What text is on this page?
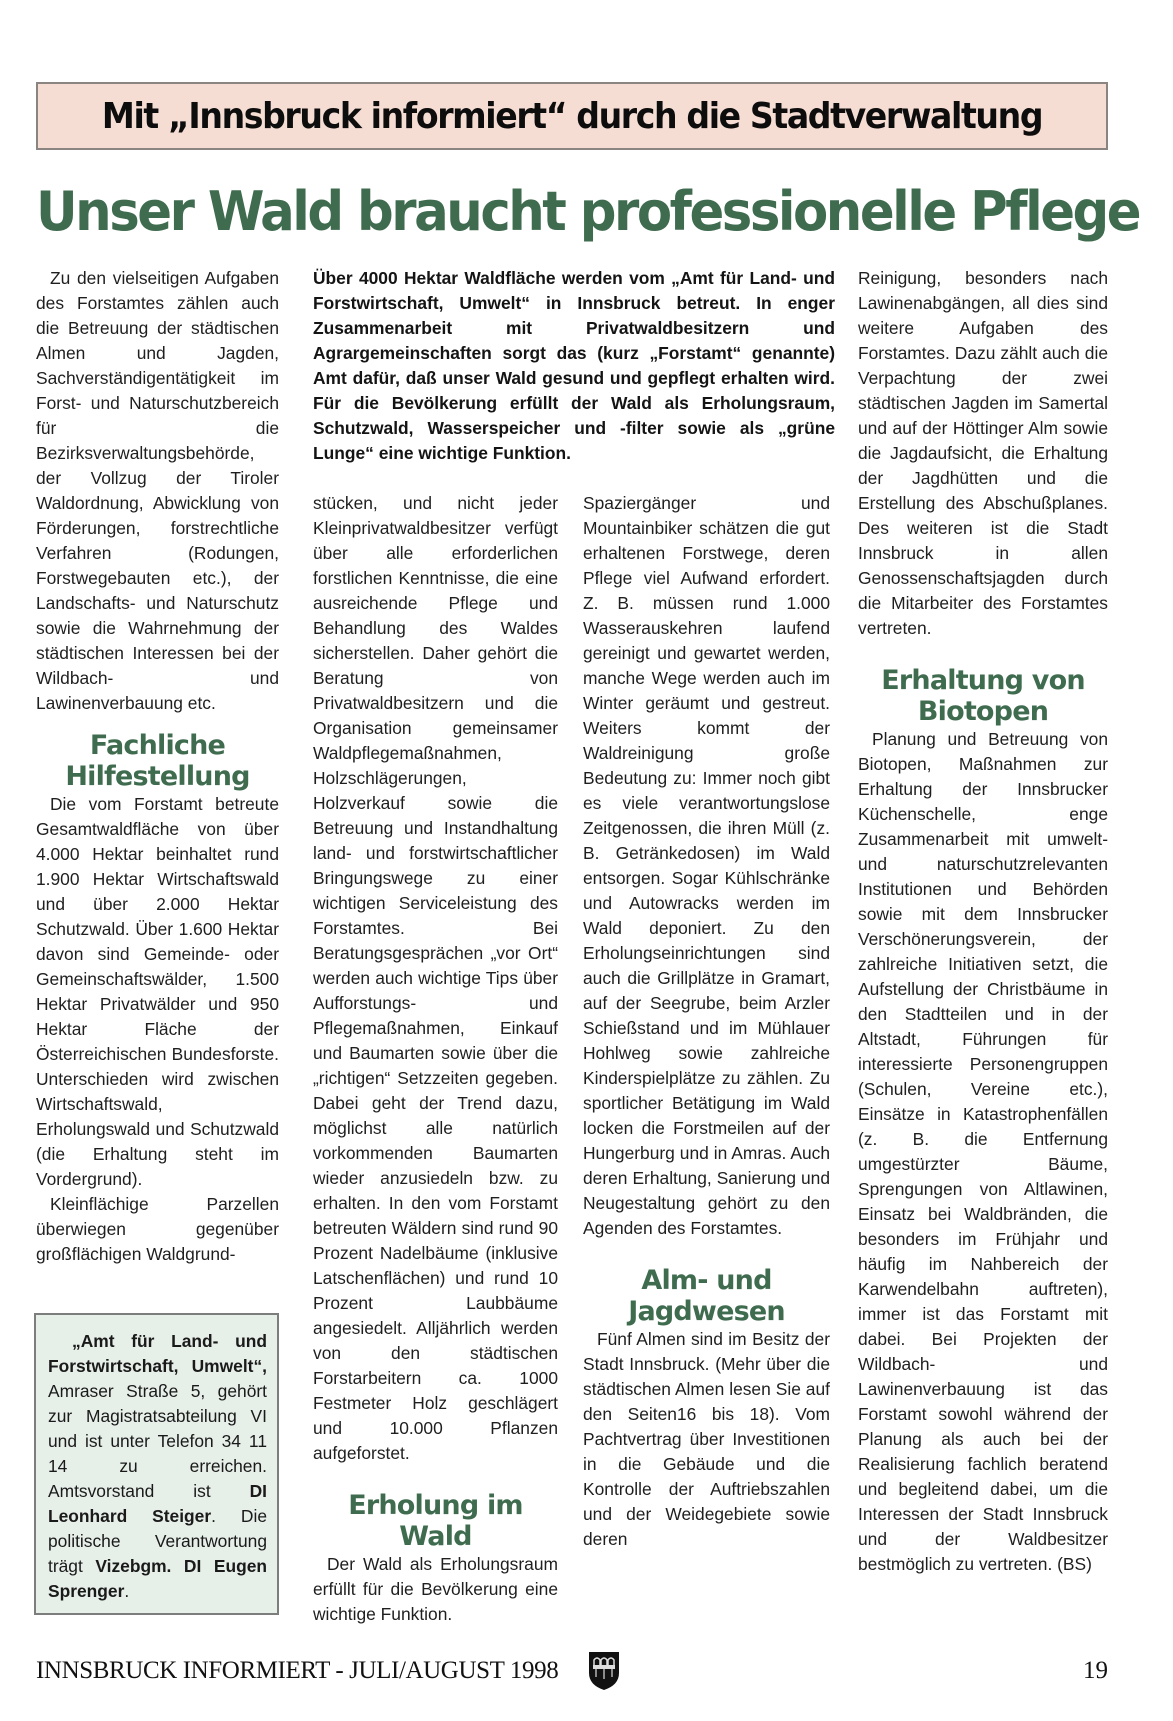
Mit „Innsbruck informiert“ durch die Stadtverwaltung
Unser Wald braucht professionelle Pflege

Zu den vielseitigen Aufgaben des Forstamtes zählen auch die Betreuung der städtischen Almen und Jagden, Sachverständigentätigkeit im Forst- und Naturschutzbereich für die Bezirksverwaltungsbehörde, der Vollzug der Tiroler Waldordnung, Abwicklung von Förderungen, forstrechtliche Verfahren (Rodungen, Forstwegebauten etc.), der Landschafts- und Naturschutz sowie die Wahrnehmung der städtischen Interessen bei der Wildbach- und Lawinenverbauung etc.

Fachliche Hilfestellung

Die vom Forstamt betreute Gesamtwaldfläche von über 4.000 Hektar beinhaltet rund 1.900 Hektar Wirtschaftswald und über 2.000 Hektar Schutzwald. Über 1.600 Hektar davon sind Gemeinde- oder Gemeinschaftswälder, 1.500 Hektar Privatwälder und 950 Hektar Fläche der Österreichischen Bundesforste. Unterschieden wird zwischen Wirtschaftswald, Erholungswald und Schutzwald (die Erhaltung steht im Vordergrund).

Kleinflächige Parzellen überwiegen gegenüber großflächigen Waldgrund-

„Amt für Land- und Forstwirtschaft, Umwelt“, Amraser Straße 5, gehört zur Magistratsabteilung VI und ist unter Telefon 34 11 14 zu erreichen. Amtsvorstand ist DI Leonhard Steiger. Die politische Verantwortung trägt Vizebgm. DI Eugen Sprenger.

Über 4000 Hektar Waldfläche werden vom „Amt für Land- und Forstwirtschaft, Umwelt“ in Innsbruck betreut. In enger Zusammenarbeit mit Privatwaldbesitzern und Agrargemeinschaften sorgt das (kurz „Forstamt“ genannte) Amt dafür, daß unser Wald gesund und gepflegt erhalten wird. Für die Bevölkerung erfüllt der Wald als Erholungsraum, Schutzwald, Wasserspeicher und -filter sowie als „grüne Lunge“ eine wichtige Funktion.

stücken, und nicht jeder Kleinprivatwaldbesitzer verfügt über alle erforderlichen forstlichen Kenntnisse, die eine ausreichende Pflege und Behandlung des Waldes sicherstellen. Daher gehört die Beratung von Privatwaldbesitzern und die Organisation gemeinsamer Waldpflegemaßnahmen, Holzschlägerungen, Holzverkauf sowie die Betreuung und Instandhaltung land- und forstwirtschaftlicher Bringungswege zu einer wichtigen Serviceleistung des Forstamtes. Bei Beratungsgesprächen „vor Ort“ werden auch wichtige Tips über Aufforstungs- und Pflegemaßnahmen, Einkauf und Baumarten sowie über die „richtigen“ Setzzeiten gegeben. Dabei geht der Trend dazu, möglichst alle natürlich vorkommenden Baumarten wieder anzusiedeln bzw. zu erhalten. In den vom Forstamt betreuten Wäldern sind rund 90 Prozent Nadelbäume (inklusive Latschenflächen) und rund 10 Prozent Laubbäume angesiedelt. Alljährlich werden von den städtischen Forstarbeitern ca. 1000 Festmeter Holz geschlägert und 10.000 Pflanzen aufgeforstet.

Erholung im Wald

Der Wald als Erholungsraum erfüllt für die Bevölkerung eine wichtige Funktion.

Spaziergänger und Mountainbiker schätzen die gut erhaltenen Forstwege, deren Pflege viel Aufwand erfordert. Z. B. müssen rund 1.000 Wasserauskehren laufend gereinigt und gewartet werden, manche Wege werden auch im Winter geräumt und gestreut. Weiters kommt der Waldreinigung große Bedeutung zu: Immer noch gibt es viele verantwortungslose Zeitgenossen, die ihren Müll (z. B. Getränkedosen) im Wald entsorgen. Sogar Kühlschränke und Autowracks werden im Wald deponiert. Zu den Erholungseinrichtungen sind auch die Grillplätze in Gramart, auf der Seegrube, beim Arzler Schießstand und im Mühlauer Hohlweg sowie zahlreiche Kinderspielplätze zu zählen. Zu sportlicher Betätigung im Wald locken die Forstmeilen auf der Hungerburg und in Amras. Auch deren Erhaltung, Sanierung und Neugestaltung gehört zu den Agenden des Forstamtes.

Alm- und Jagdwesen

Fünf Almen sind im Besitz der Stadt Innsbruck. (Mehr über die städtischen Almen lesen Sie auf den Seiten16 bis 18). Vom Pachtvertrag über Investitionen in die Gebäude und die Kontrolle der Auftriebszahlen und der Weidegebiete sowie deren

Reinigung, besonders nach Lawinenabgängen, all dies sind weitere Aufgaben des Forstamtes. Dazu zählt auch die Verpachtung der zwei städtischen Jagden im Samertal und auf der Höttinger Alm sowie die Jagdaufsicht, die Erhaltung der Jagdhütten und die Erstellung des Abschußplanes. Des weiteren ist die Stadt Innsbruck in allen Genossenschaftsjagden durch die Mitarbeiter des Forstamtes vertreten.

Erhaltung von Biotopen

Planung und Betreuung von Biotopen, Maßnahmen zur Erhaltung der Innsbrucker Küchenschelle, enge Zusammenarbeit mit umwelt- und naturschutzrelevanten Institutionen und Behörden sowie mit dem Innsbrucker Verschönerungsverein, der zahlreiche Initiativen setzt, die Aufstellung der Christbäume in den Stadtteilen und in der Altstadt, Führungen für interessierte Personengruppen (Schulen, Vereine etc.), Einsätze in Katastrophenfällen (z. B. die Entfernung umgestürzter Bäume, Sprengungen von Altlawinen, Einsatz bei Waldbränden, die besonders im Frühjahr und häufig im Nahbereich der Karwendelbahn auftreten), immer ist das Forstamt mit dabei. Bei Projekten der Wildbach- und Lawinenverbauung ist das Forstamt sowohl während der Planung als auch bei der Realisierung fachlich beratend und begleitend dabei, um die Interessen der Stadt Innsbruck und der Waldbesitzer bestmöglich zu vertreten. (BS)

INNSBRUCK INFORMIERT - JULI/AUGUST 1998	19
